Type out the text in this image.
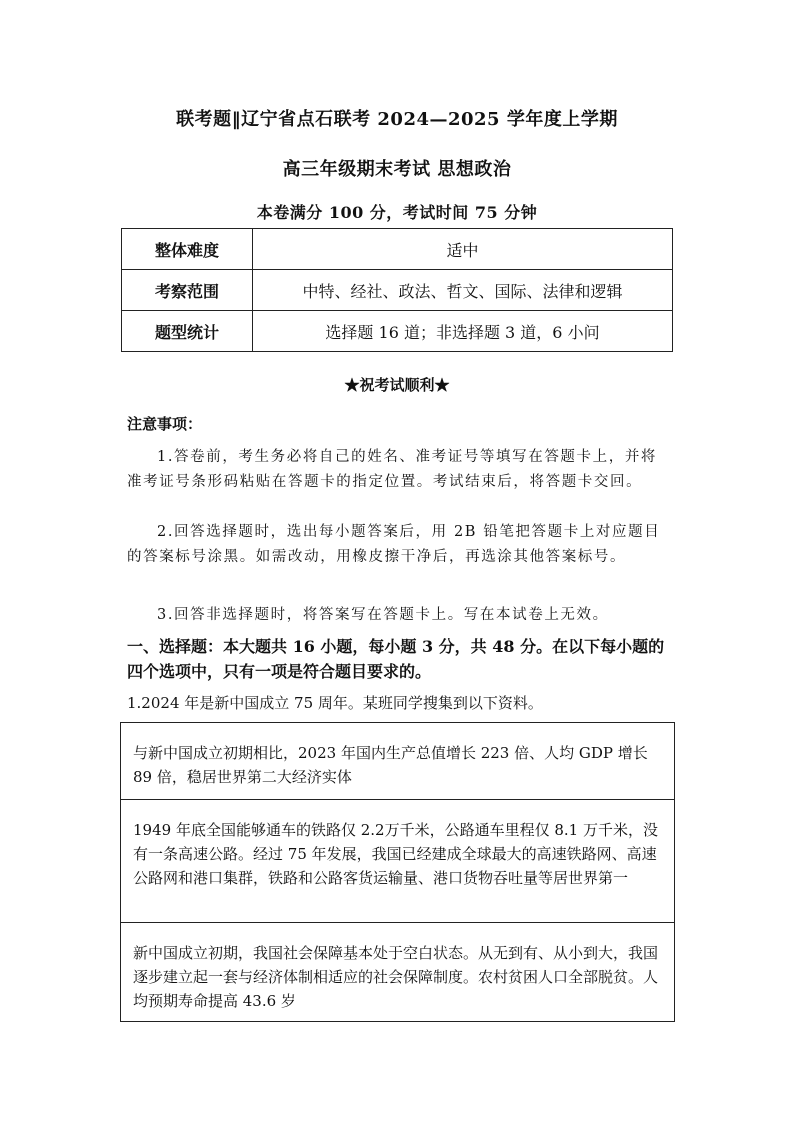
联考题‖辽宁省点石联考 2024—2025 学年度上学期
高三年级期末考试 思想政治
本卷满分 100 分，考试时间 75 分钟
整体难度	适中
考察范围	中特、经社、政法、哲文、国际、法律和逻辑
题型统计	选择题 16 道；非选择题 3 道，6 小问
★祝考试顺利★
注意事项：
1.答卷前，考生务必将自己的姓名、准考证号等填写在答题卡上，并将准考证号条形码粘贴在答题卡的指定位置。考试结束后，将答题卡交回。
2.回答选择题时，选出每小题答案后，用 2B 铅笔把答题卡上对应题目的答案标号涂黑。如需改动，用橡皮擦干净后，再选涂其他答案标号。
3.回答非选择题时，将答案写在答题卡上。写在本试卷上无效。
一、选择题：本大题共 16 小题，每小题 3 分，共 48 分。在以下每小题的四个选项中，只有一项是符合题目要求的。
1.2024 年是新中国成立 75 周年。某班同学搜集到以下资料。
与新中国成立初期相比，2023 年国内生产总值增长 223 倍、人均 GDP 增长 89 倍，稳居世界第二大经济实体
1949 年底全国能够通车的铁路仅 2.2万千米，公路通车里程仅 8.1 万千米，没有一条高速公路。经过 75 年发展，我国已经建成全球最大的高速铁路网、高速公路网和港口集群，铁路和公路客货运输量、港口货物吞吐量等居世界第一
新中国成立初期，我国社会保障基本处于空白状态。从无到有、从小到大，我国逐步建立起一套与经济体制相适应的社会保障制度。农村贫困人口全部脱贫。人均预期寿命提高 43.6 岁
